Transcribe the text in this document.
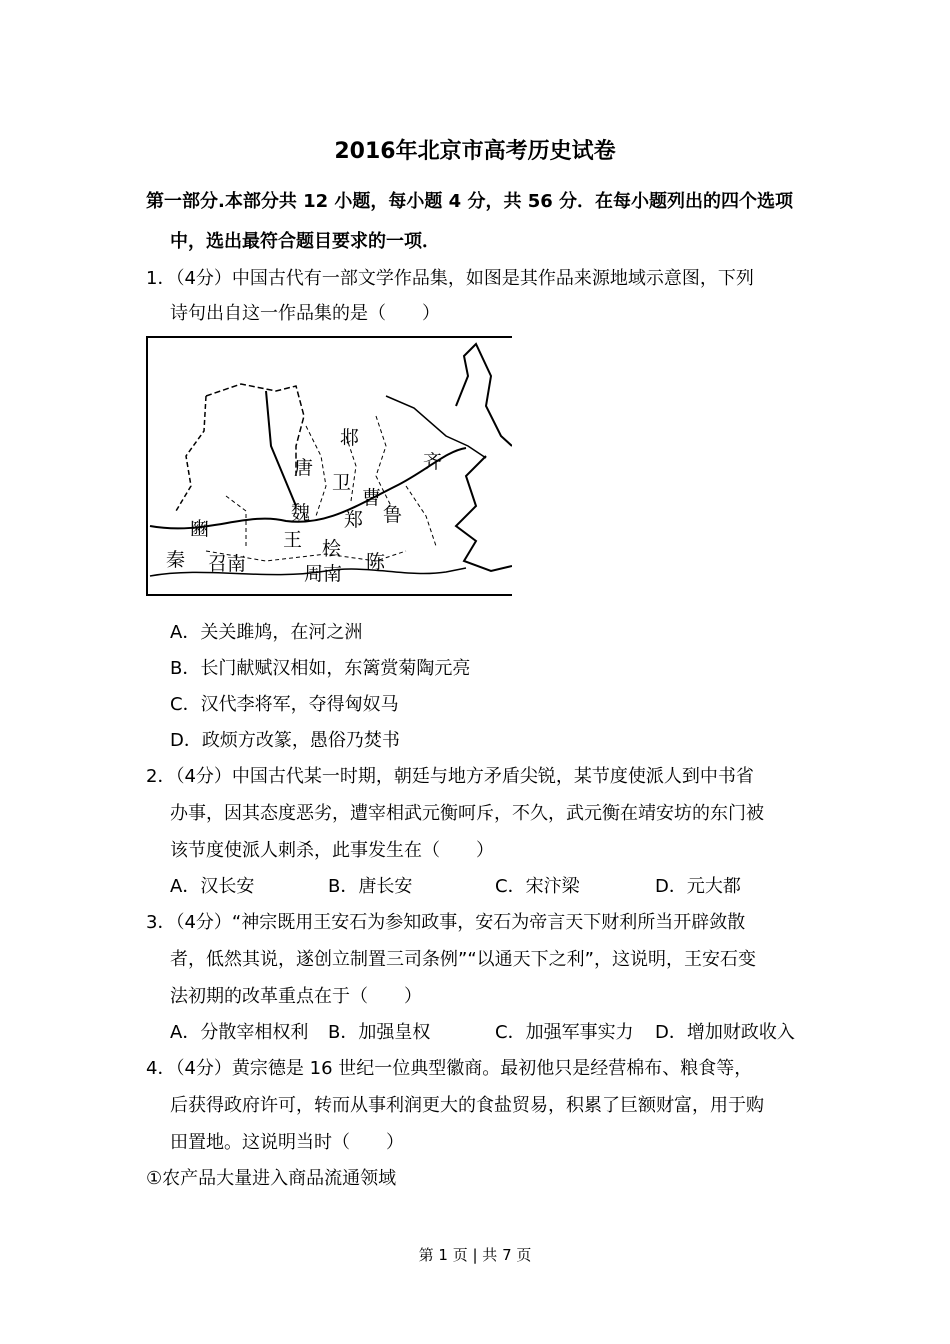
2016年北京市高考历史试卷
第一部分.本部分共 12 小题，每小题 4 分，共 56 分．在每小题列出的四个选项
中，选出最符合题目要求的一项．
1．（4分）中国古代有一部文学作品集，如图是其作品来源地域示意图，下列
诗句出自这一作品集的是（　　）
邶
齐
唐
卫
曹
魏 郑 鲁
豳	王 桧
秦 召南	周南
陈
A．关关雎鸠，在河之洲
B．长门献赋汉相如，东篱赏菊陶元亮
C．汉代李将军，夺得匈奴马
D．政烦方改篆，愚俗乃焚书
2．（4分）中国古代某一时期，朝廷与地方矛盾尖锐，某节度使派人到中书省
办事，因其态度恶劣，遭宰相武元衡呵斥，不久，武元衡在靖安坊的东门被
该节度使派人刺杀，此事发生在（　　）
A．汉长安	B．唐长安	C．宋汴梁	D．元大都
3．（4分）“神宗既用王安石为参知政事，安石为帝言天下财利所当开辟敛散
者，低然其说，遂创立制置三司条例”“以通天下之利”，这说明，王安石变
法初期的改革重点在于（　　）
A．分散宰相权利 B．加强皇权	C．加强军事实力 D．增加财政收入
4．（4分）黄宗德是 16 世纪一位典型徽商。最初他只是经营棉布、粮食等，
后获得政府许可，转而从事利润更大的食盐贸易，积累了巨额财富，用于购
田置地。这说明当时（　　）
①农产品大量进入商品流通领域
第 1 页 | 共 7 页
